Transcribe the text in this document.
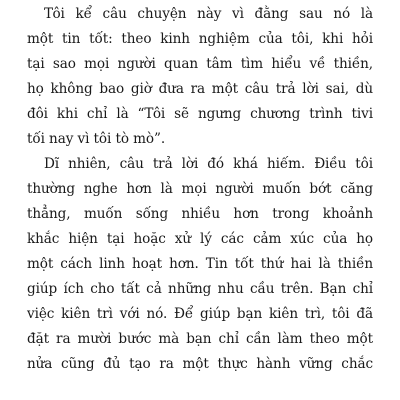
Tôi kể câu chuyện này vì đằng sau nó là

một tin tốt: theo kinh nghiệm của tôi, khi hỏi

tại sao mọi người quan tâm tìm hiểu về thiền,

họ không bao giờ đưa ra một câu trả lời sai, dù

đôi khi chỉ là “Tôi sẽ ngưng chương trình tivi

tối nay vì tôi tò mò”.

Dĩ nhiên, câu trả lời đó khá hiếm. Điều tôi

thường nghe hơn là mọi người muốn bớt căng

thẳng, muốn sống nhiều hơn trong khoảnh

khắc hiện tại hoặc xử lý các cảm xúc của họ

một cách linh hoạt hơn. Tin tốt thứ hai là thiền

giúp ích cho tất cả những nhu cầu trên. Bạn chỉ

việc kiên trì với nó. Để giúp bạn kiên trì, tôi đã

đặt ra mười bước mà bạn chỉ cần làm theo một

nửa cũng đủ tạo ra một thực hành vững chắc
